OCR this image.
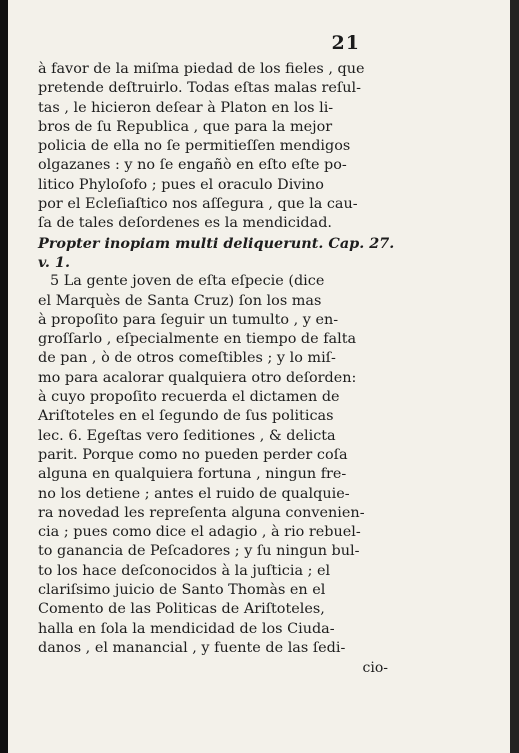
21
à favor de la miſma piedad de los fieles , que
pretende deſtruirlo. Todas eſtas malas reſul-
tas , le hicieron deſear à Platon en los li-
bros de ſu Republica , que para la mejor
policia de ella no ſe permitieſſen mendigos
olgazanes : y no ſe engañò en eſto eſte po-
litico Phyloſofo ; pues el oraculo Divino
por el Ecleſiaſtico nos aſſegura , que la cau-
ſa de tales deſordenes es la mendicidad.
Propter inopiam multi deliquerunt. Cap. 27.
v. 1.
5 La gente joven de eſta eſpecie (dice
el Marquès de Santa Cruz) ſon los mas
à propoſito para ſeguir un tumulto , y en-
groſſarlo , eſpecialmente en tiempo de falta
de pan , ò de otros comeſtibles ; y lo miſ-
mo para acalorar qualquiera otro deſorden:
à cuyo propoſito recuerda el dictamen de
Ariſtoteles en el ſegundo de ſus politicas
lec. 6. Egeſtas vero ſeditiones , & delicta
parit. Porque como no pueden perder coſa
alguna en qualquiera fortuna , ningun fre-
no los detiene ; antes el ruido de qualquie-
ra novedad les repreſenta alguna convenien-
cia ; pues como dice el adagio , à rio rebuel-
to ganancia de Peſcadores ; y ſu ningun bul-
to los hace deſconocidos à la juſticia ; el
clariſsimo juicio de Santo Thomàs en el
Comento de las Politicas de Ariſtoteles,
halla en ſola la mendicidad de los Ciuda-
danos , el manancial , y fuente de las ſedi-
cio-
